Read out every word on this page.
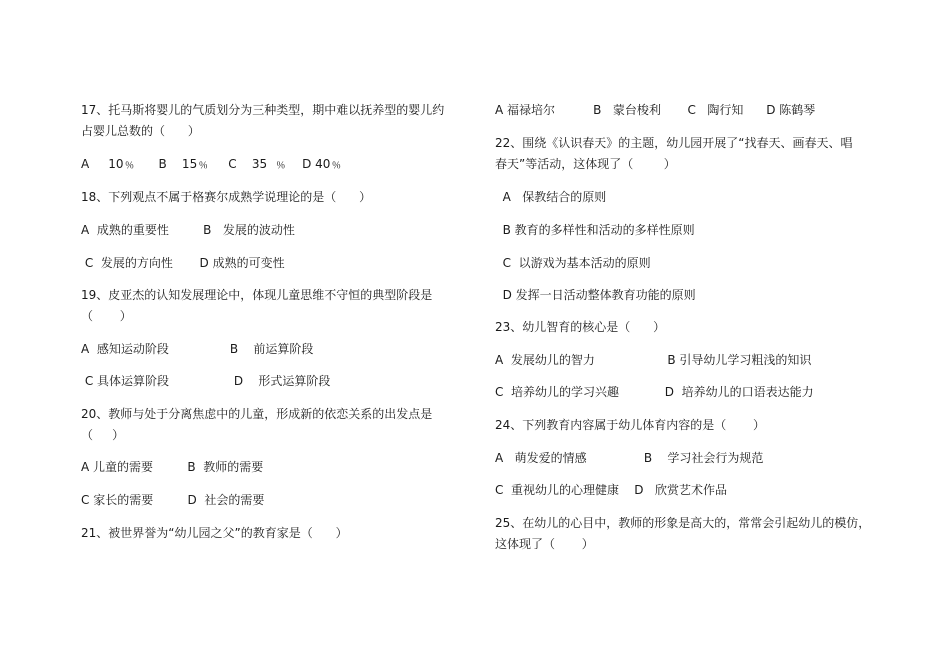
17、托马斯将婴儿的气质划分为三种类型，期中难以抚养型的婴儿约
占婴儿总数的（      ）
A     10﹪      B    15﹪     C    35  ﹪    D 40﹪
18、下列观点不属于格赛尔成熟学说理论的是（      ）
A  成熟的重要性         B   发展的波动性
C  发展的方向性       D 成熟的可变性
19、皮亚杰的认知发展理论中，体现儿童思维不守恒的典型阶段是
（       ）
A  感知运动阶段                B    前运算阶段
C 具体运算阶段                 D    形式运算阶段
20、教师与处于分离焦虑中的儿童，形成新的依恋关系的出发点是
（     ）
A 儿童的需要         B  教师的需要
C 家长的需要         D  社会的需要
21、被世界誉为“幼儿园之父”的教育家是（      ）
A 福禄培尔          B   蒙台梭利       C   陶行知      D 陈鹤琴
22、围绕《认识春天》的主题，幼儿园开展了“找春天、画春天、唱
春天”等活动，这体现了（        ）
A   保教结合的原则
B 教育的多样性和活动的多样性原则
C  以游戏为基本活动的原则
D 发挥一日活动整体教育功能的原则
23、幼儿智育的核心是（      ）
A  发展幼儿的智力                   B 引导幼儿学习粗浅的知识
C  培养幼儿的学习兴趣            D  培养幼儿的口语表达能力
24、下列教育内容属于幼儿体育内容的是（       ）
A   萌发爱的情感               B    学习社会行为规范
C  重视幼儿的心理健康    D   欣赏艺术作品
25、在幼儿的心目中，教师的形象是高大的，常常会引起幼儿的模仿，
这体现了（       ）
